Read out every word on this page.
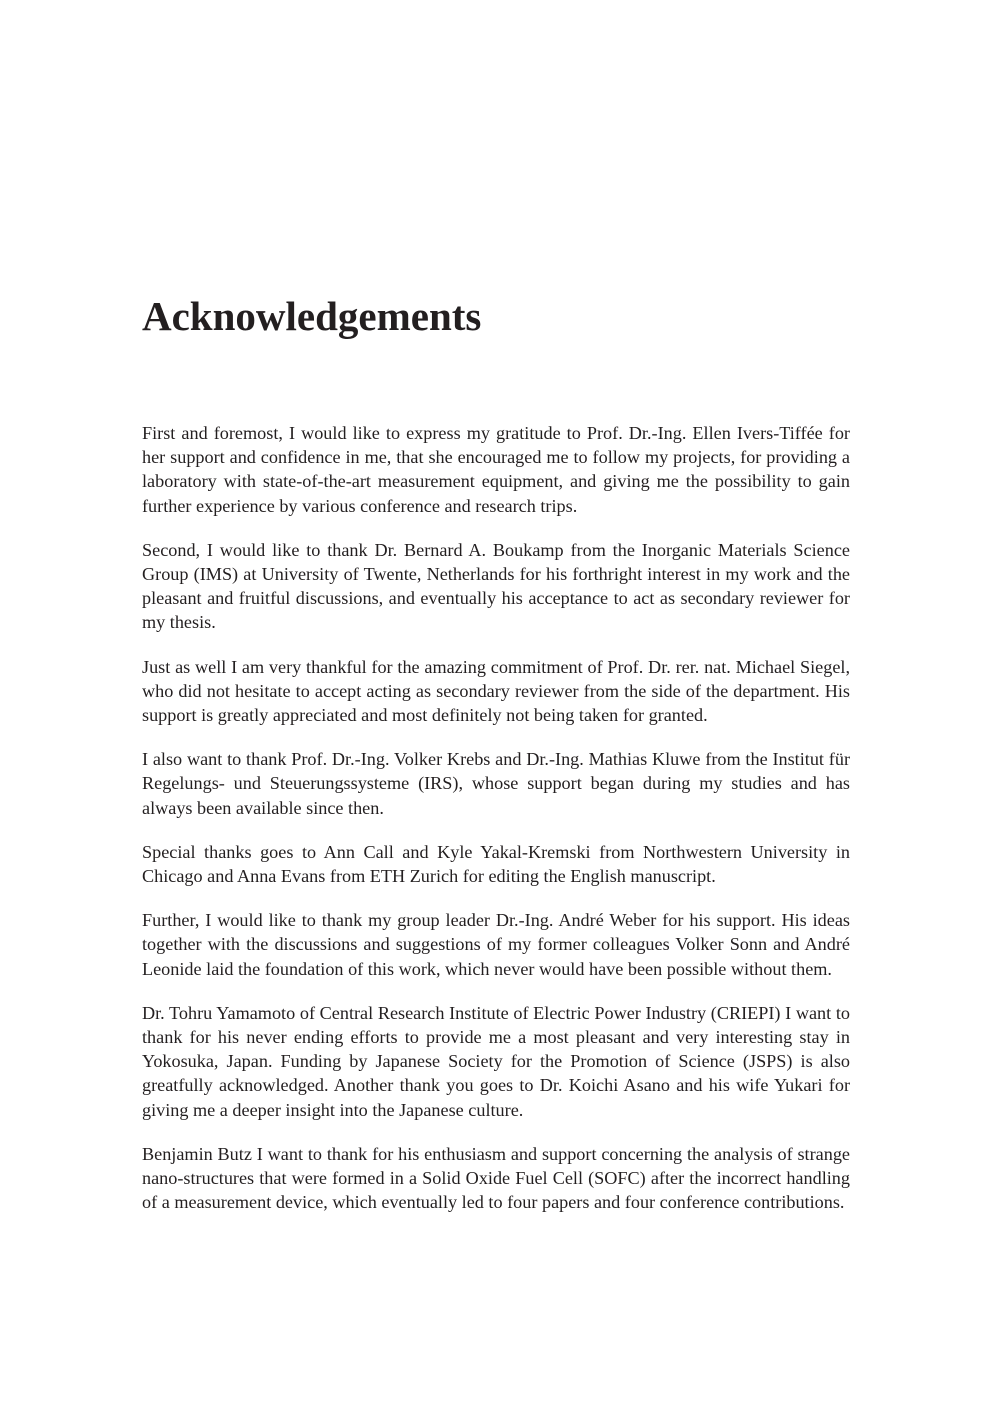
Acknowledgements

First and foremost, I would like to express my gratitude to Prof. Dr.-Ing. Ellen Ivers-Tiffée for her support and confidence in me, that she encouraged me to follow my projects, for providing a laboratory with state-of-the-art measurement equipment, and giving me the possibility to gain further experience by various conference and research trips.

Second, I would like to thank Dr. Bernard A. Boukamp from the Inorganic Materials Science Group (IMS) at University of Twente, Netherlands for his forthright interest in my work and the pleasant and fruitful discussions, and eventually his acceptance to act as secondary reviewer for my thesis.

Just as well I am very thankful for the amazing commitment of Prof. Dr. rer. nat. Michael Siegel, who did not hesitate to accept acting as secondary reviewer from the side of the department. His support is greatly appreciated and most definitely not being taken for granted.

I also want to thank Prof. Dr.-Ing. Volker Krebs and Dr.-Ing. Mathias Kluwe from the Institut für Regelungs- und Steuerungssysteme (IRS), whose support began during my studies and has always been available since then.

Special thanks goes to Ann Call and Kyle Yakal-Kremski from Northwestern University in Chicago and Anna Evans from ETH Zurich for editing the English manuscript.

Further, I would like to thank my group leader Dr.-Ing. André Weber for his support. His ideas together with the discussions and suggestions of my former colleagues Volker Sonn and André Leonide laid the foundation of this work, which never would have been possible without them.

Dr. Tohru Yamamoto of Central Research Institute of Electric Power Industry (CRIEPI) I want to thank for his never ending efforts to provide me a most pleasant and very interesting stay in Yokosuka, Japan. Funding by Japanese Society for the Promotion of Science (JSPS) is also greatfully acknowledged. Another thank you goes to Dr. Koichi Asano and his wife Yukari for giving me a deeper insight into the Japanese culture.

Benjamin Butz I want to thank for his enthusiasm and support concerning the analysis of strange nano-structures that were formed in a Solid Oxide Fuel Cell (SOFC) after the incorrect handling of a measurement device, which eventually led to four papers and four conference contributions.
